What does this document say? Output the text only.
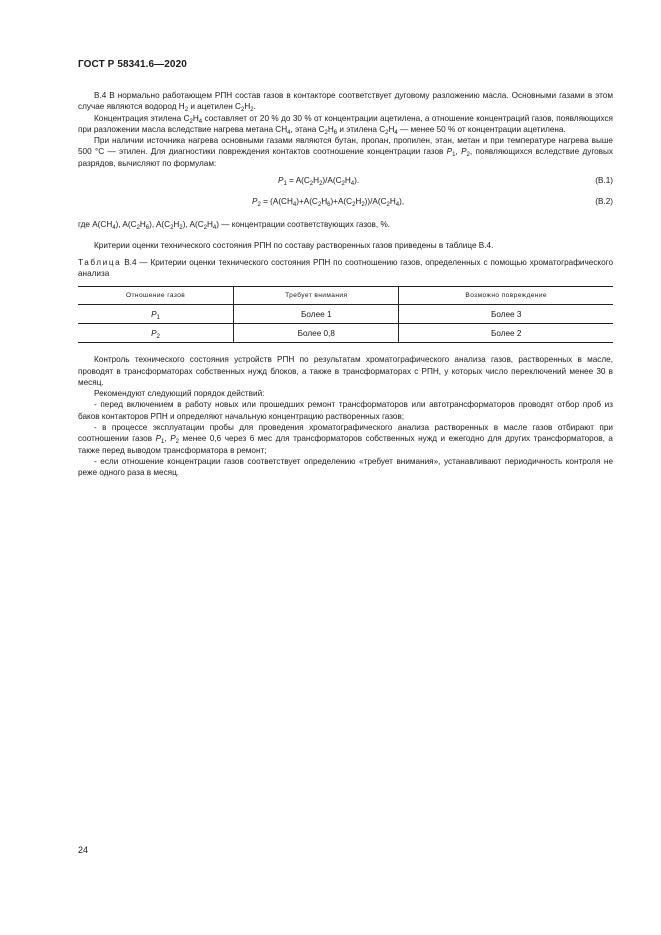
ГОСТ Р 58341.6—2020

В.4 В нормально работающем РПН состав газов в контакторе соответствует дуговому разложению масла. Основными газами в этом случае являются водород $H_2$ и ацетилен $C_2H_2$.

Концентрация этилена $C_2H_4$ составляет от 20 % до 30 % от концентрации ацетилена, а отношение концентраций газов, появляющихся при разложении масла вследствие нагрева метана $CH_4$, этана $C_2H_6$ и этилена $C_2H_4$ — менее 50 % от концентрации ацетилена.

При наличии источника нагрева основными газами являются бутан, пропан, пропилен, этан, метан и при температуре нагрева выше 500 °C — этилен. Для диагностики повреждения контактов соотношение концентрации газов $P_1$, $P_2$, появляющихся вследствие дуговых разрядов, вычисляют по формулам:

$P_1 = A(C_2H_2)/A(C_2H_4)$.	(В.1)
$P_2 = (A(CH_4)+A(C_2H_6)+A(C_2H_2))/A(C_2H_4)$,	(В.2)

где $A(CH_4)$, $A(C_2H_6)$, $A(C_2H_2)$, $A(C_2H_4)$ — концентрации соответствующих газов, %.

Критерии оценки технического состояния РПН по составу растворенных газов приведены в таблице В.4.

Таблица В.4 — Критерии оценки технического состояния РПН по соотношению газов, определенных с помощью хроматографического анализа

Отношение газов	Требует внимания	Возможно повреждение
$P_1$	Более 1	Более 3
$P_2$	Более 0,8	Более 2

Контроль технического состояния устройств РПН по результатам хроматографического анализа газов, растворенных в масле, проводят в трансформаторах собственных нужд блоков, а также в трансформаторах с РПН, у которых число переключений менее 30 в месяц.

Рекомендуют следующий порядок действий:

- перед включением в работу новых или прошедших ремонт трансформаторов или автотрансформаторов проводят отбор проб из баков контакторов РПН и определяют начальную концентрацию растворенных газов;

- в процессе эксплуатации пробы для проведения хроматографического анализа растворенных в масле газов отбирают при соотношении газов $P_1$, $P_2$ менее 0,6 через 6 мес для трансформаторов собственных нужд и ежегодно для других трансформаторов, а также перед выводом трансформатора в ремонт;

- если отношение концентрации газов соответствует определению «требует внимания», устанавливают периодичность контроля не реже одного раза в месяц.

24
